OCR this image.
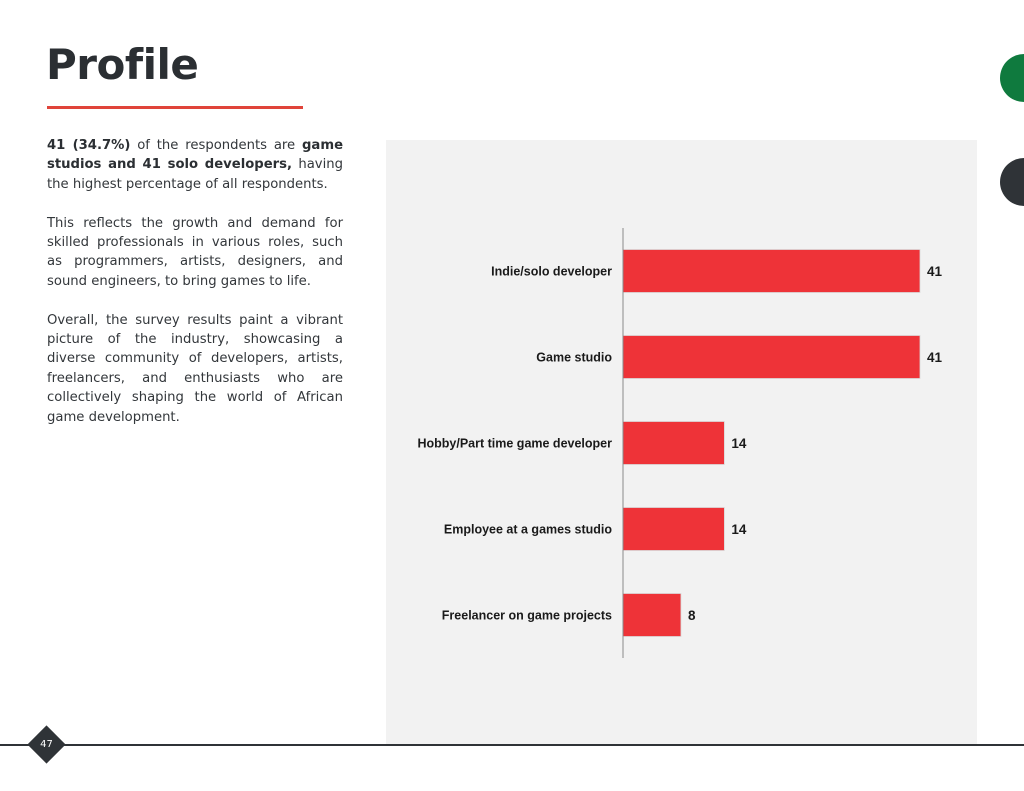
Profile

41 (34.7%) of the respondents are game studios and 41 solo developers, having the highest percentage of all respondents.

This reflects the growth and demand for skilled professionals in various roles, such as programmers, artists, designers, and sound engineers, to bring games to life.

Overall, the survey results paint a vibrant picture of the industry, showcasing a diverse community of developers, artists, freelancers, and enthusiasts who are collectively shaping the world of African game development.

Indie/solo developer	41
Game studio	41
Hobby/Part time game developer	14
Employee at a games studio	14
Freelancer on game projects	8
47
